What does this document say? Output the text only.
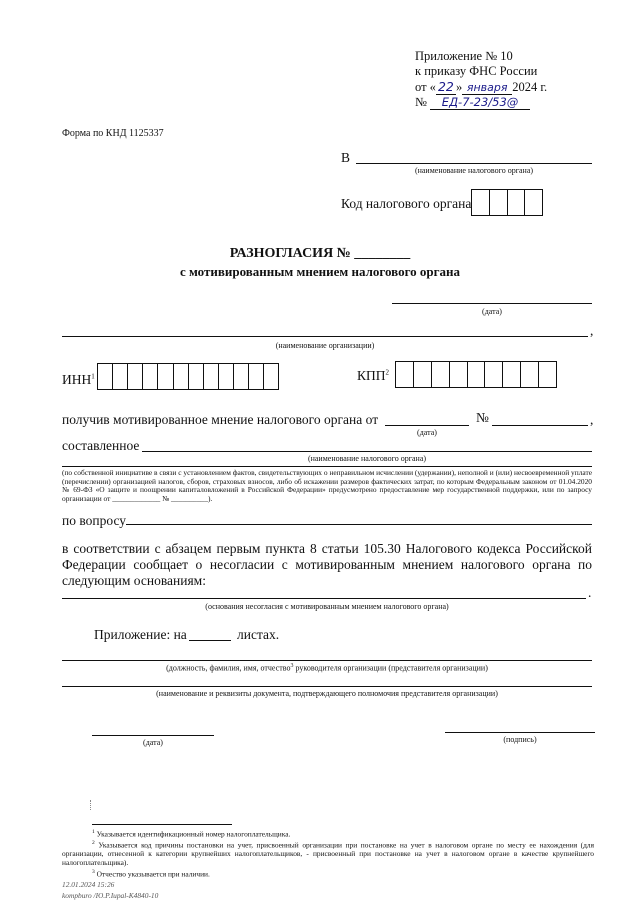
Приложение № 10
к приказу ФНС России
от « 22 » января 2024 г.
№ ЕД-7-23/53@
Форма по КНД 1125337
В
(наименование налогового органа)
Код налогового органа
РАЗНОГЛАСИЯ № ________
с мотивированным мнением налогового органа
(дата)
,
(наименование организации)
ИНН$^1$	КПП$^2$
получив мотивированное мнение налогового органа от
(дата)
№	,
составленное
(наименование налогового органа)
(по собственной инициативе в связи с установлением фактов, свидетельствующих о неправильном исчислении (удержании), неполной и (или) несвоевременной уплате (перечислении) организацией налогов, сборов, страховых взносов, либо об искажении размеров фактических затрат, по которым Федеральным законом от 01.04.2020 № 69-ФЗ «О защите и поощрении капиталовложений в Российской Федерации» предусмотрено предоставление мер государственной поддержки, или по запросу организации от _____________ № __________).
по вопросу
в соответствии с абзацем первым пункта 8 статьи 105.30 Налогового кодекса Российской Федерации сообщает о несогласии с мотивированным мнением налогового органа по следующим основаниям:
.
(основания несогласия с мотивированным мнением налогового органа)
Приложение: на	листах.
(должность, фамилия, имя, отчество$^3$ руководителя организации (представителя организации)
(наименование и реквизиты документа, подтверждающего полномочия представителя организации)
(дата)	(подпись)
$^1$ Указывается идентификационный номер налогоплательщика.
$^2$ Указывается код причины постановки на учет, присвоенный организации при постановке на учет в налоговом органе по месту ее нахождения (для организации, отнесенной к категории крупнейших налогоплательщиков, - присвоенный при постановке на учет в налоговом органе в качестве крупнейшего налогоплательщика).
$^3$ Отчество указывается при наличии.
12.01.2024 15:26
kompburo /Ю.Р.Iupal-К4840-10
